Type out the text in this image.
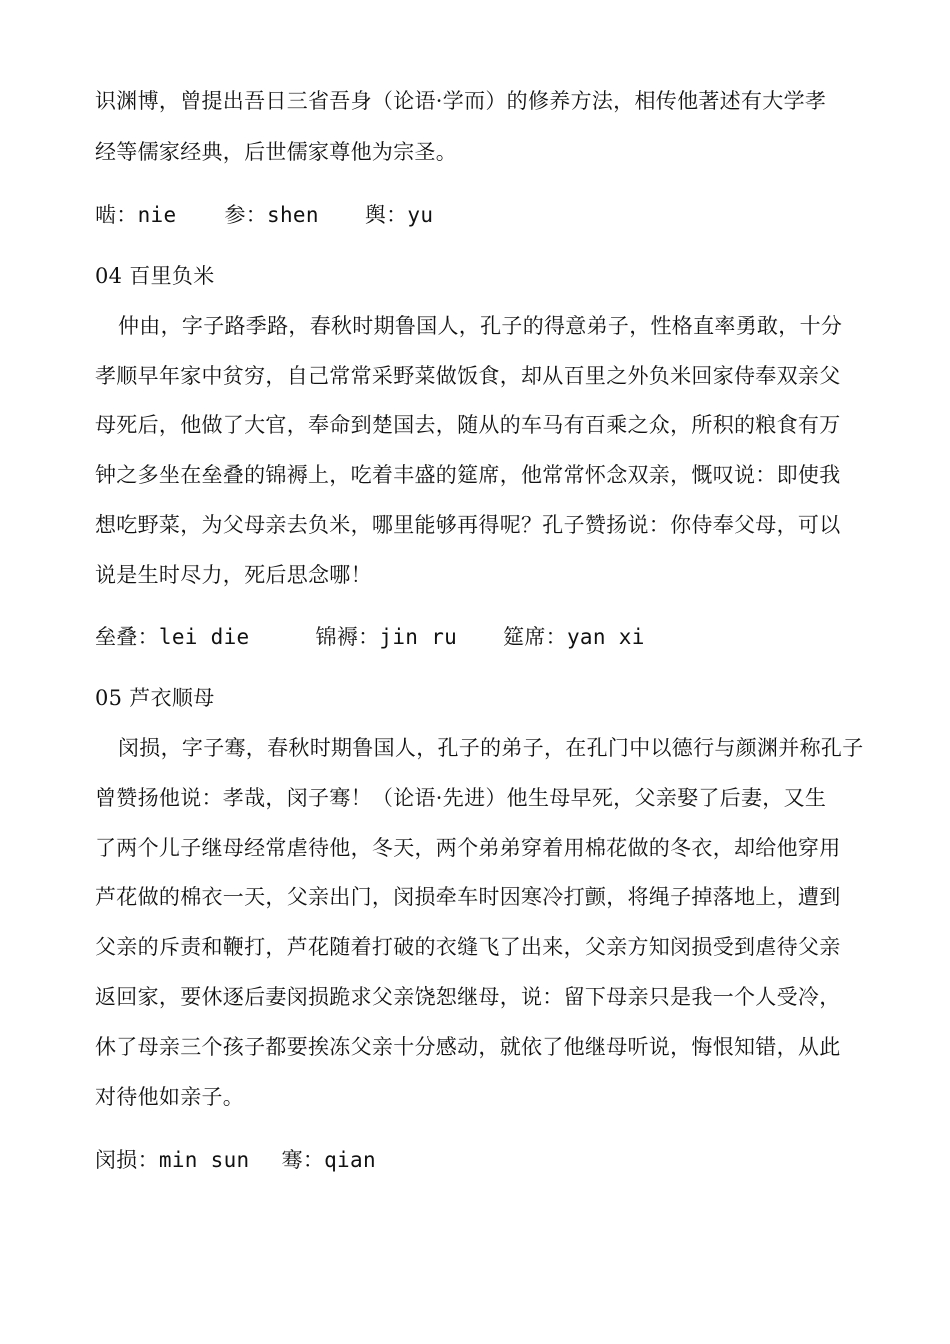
识渊博，曾提出吾日三省吾身（论语·学而）的修养方法，相传他著述有大学孝
经等儒家经典，后世儒家尊他为宗圣。
啮：nie 参：shen 舆：yu
04 百里负米
仲由，字子路季路，春秋时期鲁国人，孔子的得意弟子，性格直率勇敢，十分
孝顺早年家中贫穷，自己常常采野菜做饭食，却从百里之外负米回家侍奉双亲父
母死后，他做了大官，奉命到楚国去，随从的车马有百乘之众，所积的粮食有万
钟之多坐在垒叠的锦褥上，吃着丰盛的筵席，他常常怀念双亲，慨叹说：即使我
想吃野菜，为父母亲去负米，哪里能够再得呢？孔子赞扬说：你侍奉父母，可以
说是生时尽力，死后思念哪！
垒叠：lei die	锦褥：jin ru 筵席：yan xi
05 芦衣顺母
闵损，字子骞，春秋时期鲁国人，孔子的弟子，在孔门中以德行与颜渊并称孔子
曾赞扬他说：孝哉，闵子骞！（论语·先进）他生母早死，父亲娶了后妻，又生
了两个儿子继母经常虐待他，冬天，两个弟弟穿着用棉花做的冬衣，却给他穿用
芦花做的棉衣一天，父亲出门，闵损牵车时因寒冷打颤，将绳子掉落地上，遭到
父亲的斥责和鞭打，芦花随着打破的衣缝飞了出来，父亲方知闵损受到虐待父亲
返回家，要休逐后妻闵损跪求父亲饶恕继母，说：留下母亲只是我一个人受冷，
休了母亲三个孩子都要挨冻父亲十分感动，就依了他继母听说，悔恨知错，从此
对待他如亲子。
闵损：min sun 骞：qian
